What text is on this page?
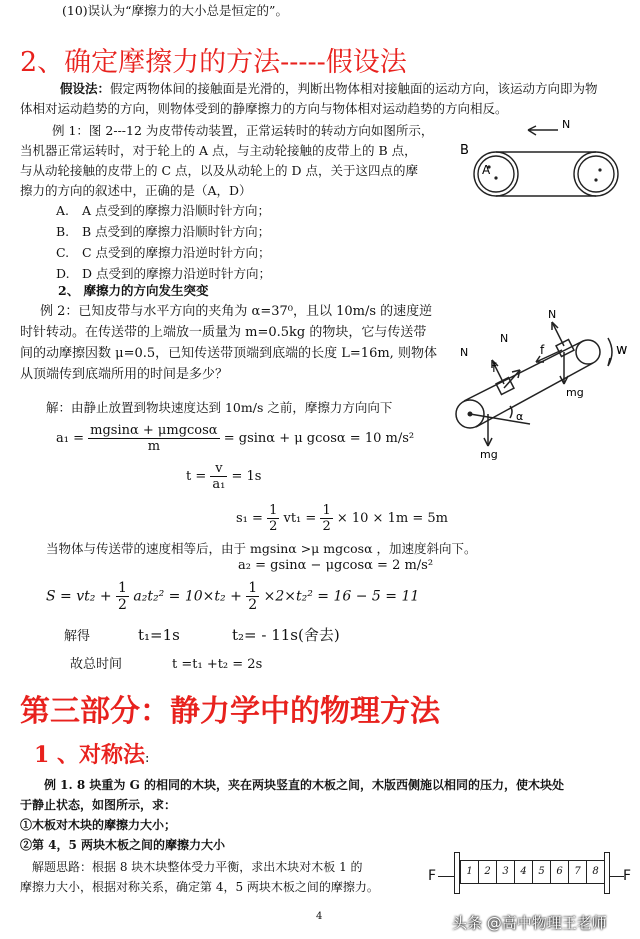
(10)误认为“摩擦力的大小总是恒定的”。
2、确定摩擦力的方法-----假设法
假设法：假定两物体间的接触面是光滑的，判断出物体相对接触面的运动方向，该运动方向即为物
体相对运动趋势的方向，则物体受到的静摩擦力的方向与物体相对运动趋势的方向相反。
例 1：图 2---12 为皮带传动装置，正常运转时的转动方向如图所示，
当机器正常运转时，对于轮上的 A 点，与主动轮接触的皮带上的 B 点，
与从动轮接触的皮带上的 C 点，以及从动轮上的 D 点，关于这四点的摩
擦力的方向的叙述中，正确的是（A，D）
A. A 点受到的摩擦力沿顺时针方向；
B. B 点受到的摩擦力沿顺时针方向；
C. C 点受到的摩擦力沿逆时针方向；
D. D 点受到的摩擦力沿逆时针方向；
2、 摩擦力的方向发生突变
例 2：已知皮带与水平方向的夹角为 α=37⁰，且以 10m/s 的速度逆
时针转动。在传送带的上端放一质量为 m=0.5kg 的物块，它与传送带
间的动摩擦因数 μ=0.5，已知传送带顶端到底端的长度 L=16m, 则物体
从顶端传到底端所用的时间是多少？
解：由静止放置到物块速度达到 10m/s 之前，摩擦力方向向下
$a_1 = \frac{\text{mgsinα + μmgcosα}}{m} = gsin\alpha + \mu$ gcosα = 10 m/s²
$t = \frac{v}{\text{a₁}} = 1s$
$s_1 = \frac{1}{2} vt_1 = \frac{1}{2} \times 10 \times 1m = 5m$
当物体与传送带的速度相等后，由于 mgsinα >μ mgcosα ，加速度斜向下。
a₂ = gsinα − μgcosα = 2 m/s²
$S = vt_2 + \frac{1}{2} a_2t_2^2 = 10\times t_2 + \frac{1}{2} \times 2\times t_2^2 = 16 - 5 = 11$
解得	t₁=1s	t₂= - 11s(舍去)
故总时间	t =t₁ +t₂ = 2s
第三部分：静力学中的物理方法
1 、对称法:
例 1. 8 块重为 G 的相同的木块，夹在两块竖直的木板之间，木版西侧施以相同的压力，使木块处
于静止状态，如图所示，求：
①木板对木块的摩擦力大小；
②第 4，5 两块木板之间的摩擦力大小
解题思路：根据 8 块木块整体受力平衡，求出木块对木板 1 的
摩擦力大小，根据对称关系，确定第 4，5 两块木板之间的摩擦力。
B
A
N
N
N
N
f
f
mg
mg
w
α
F	1	2	3	4	5	6	7	8	F
4	头条 @高中物理王老师
